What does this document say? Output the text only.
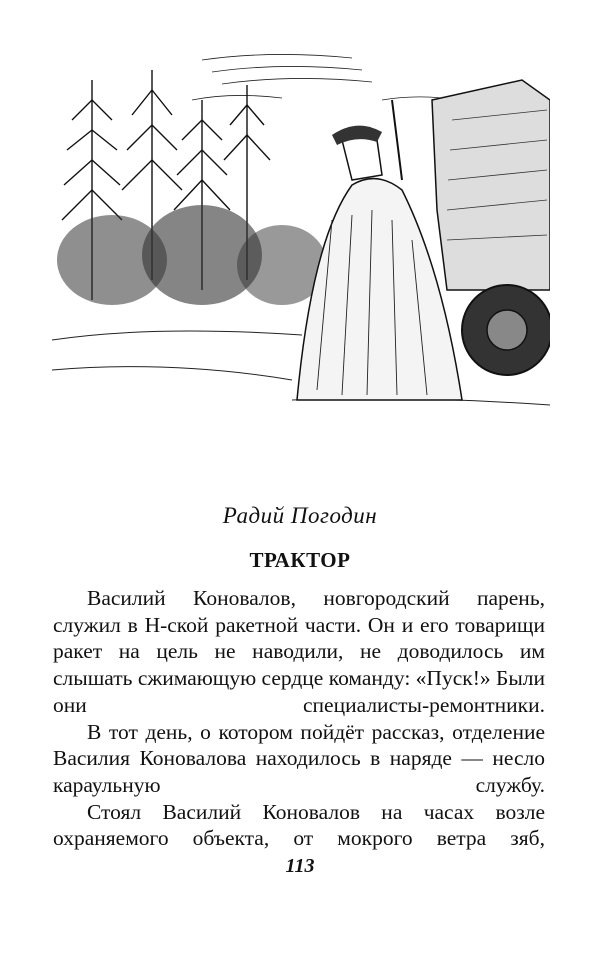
Радий Погодин

ТРАКТОР

Василий Коновалов, новгородский парень, служил в Н-ской ракетной части. Он и его товарищи ракет на цель не наводили, не доводилось им слышать сжимающую сердце команду: «Пуск!» Были они специалисты-ремонтники.

В тот день, о котором пойдёт рассказ, отделение Василия Коновалова находилось в наряде — несло караульную службу.

Стоял Василий Коновалов на часах возле охраняемого объекта, от мокрого ветра зяб,

113
